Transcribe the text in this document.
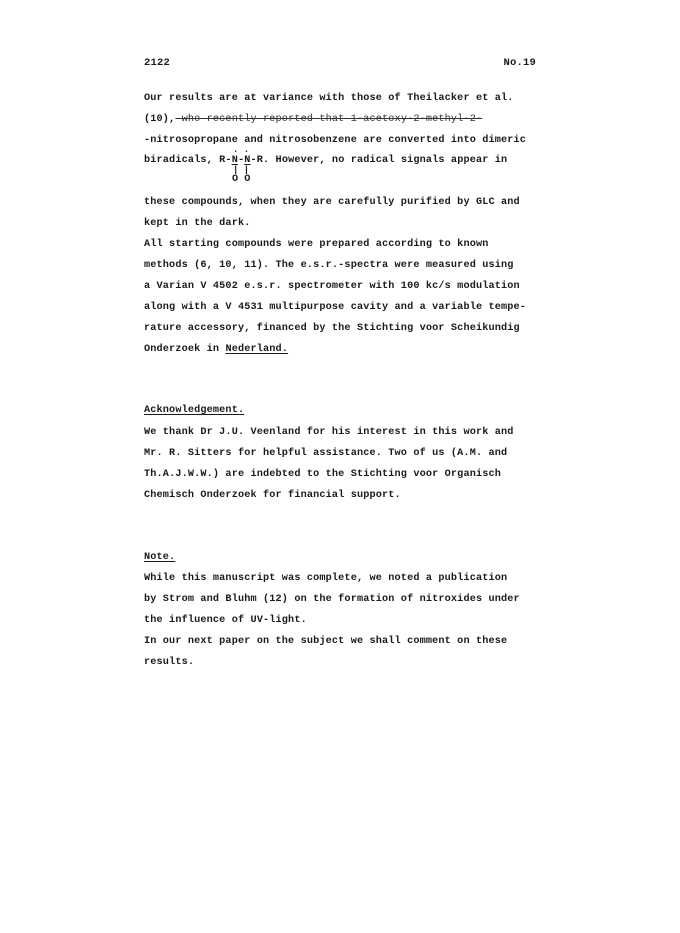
2122	No.19
Our results are at variance with those of Theilacker et al.
(10), who recently reported that 1-acetoxy-2-methyl-2-
-nitrosopropane and nitrosobenzene are converted into dimeric
biradicals, R-N-N-R. However, no radical signals appear in
. .
| |
O O
these compounds, when they are carefully purified by GLC and
kept in the dark.
All starting compounds were prepared according to known
methods (6, 10, 11). The e.s.r.-spectra were measured using
a Varian V 4502 e.s.r. spectrometer with 100 kc/s modulation
along with a V 4531 multipurpose cavity and a variable tempe-
rature accessory, financed by the Stichting voor Scheikundig
Onderzoek in Nederland.
Acknowledgement.
We thank Dr J.U. Veenland for his interest in this work and
Mr. R. Sitters for helpful assistance. Two of us (A.M. and
Th.A.J.W.W.) are indebted to the Stichting voor Organisch
Chemisch Onderzoek for financial support.
Note.
While this manuscript was complete, we noted a publication
by Strom and Bluhm (12) on the formation of nitroxides under
the influence of UV-light.
In our next paper on the subject we shall comment on these
results.
